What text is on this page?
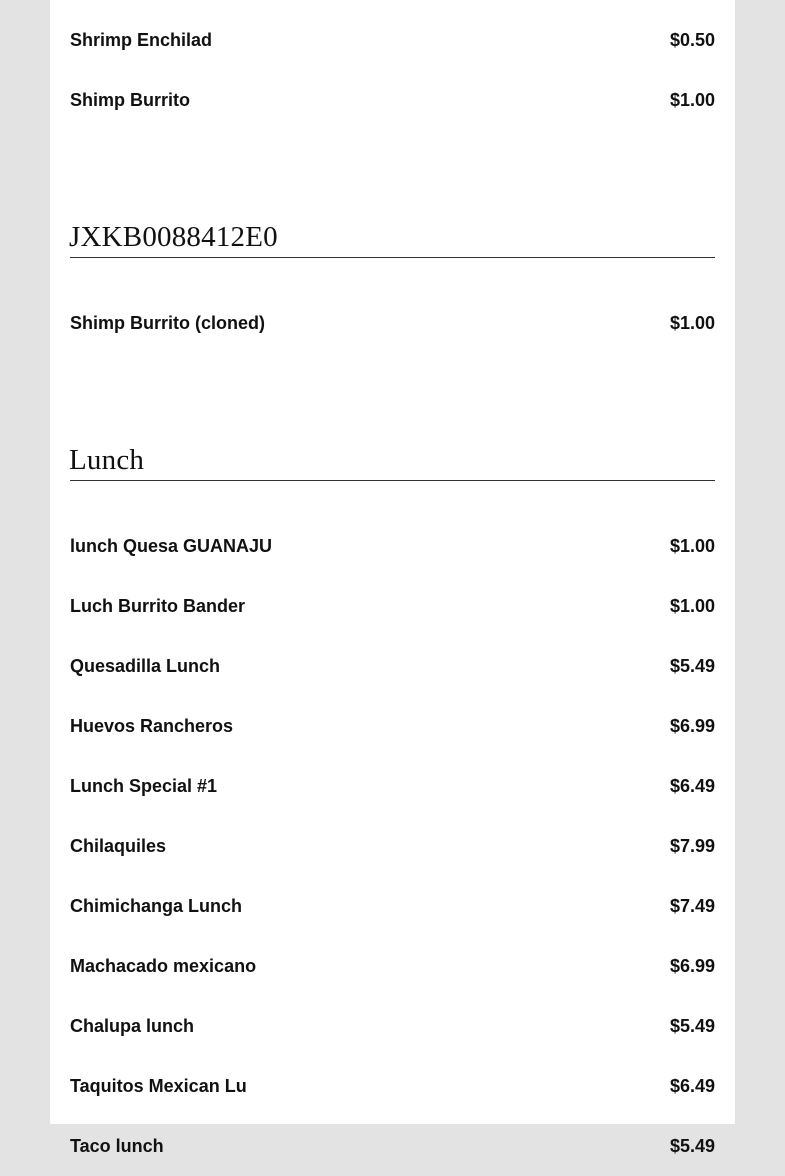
Shrimp Enchilad	$0.50
Shimp Burrito	$1.00
JXKB0088412E0
Shimp Burrito (cloned)	$1.00
Lunch
lunch Quesa GUANAJU	$1.00
Luch Burrito Bander	$1.00
Quesadilla Lunch	$5.49
Huevos Rancheros	$6.99
Lunch Special #1	$6.49
Chilaquiles	$7.99
Chimichanga Lunch	$7.49
Machacado mexicano	$6.99
Chalupa lunch	$5.49
Taquitos Mexican Lu	$6.49
Taco lunch	$5.49
